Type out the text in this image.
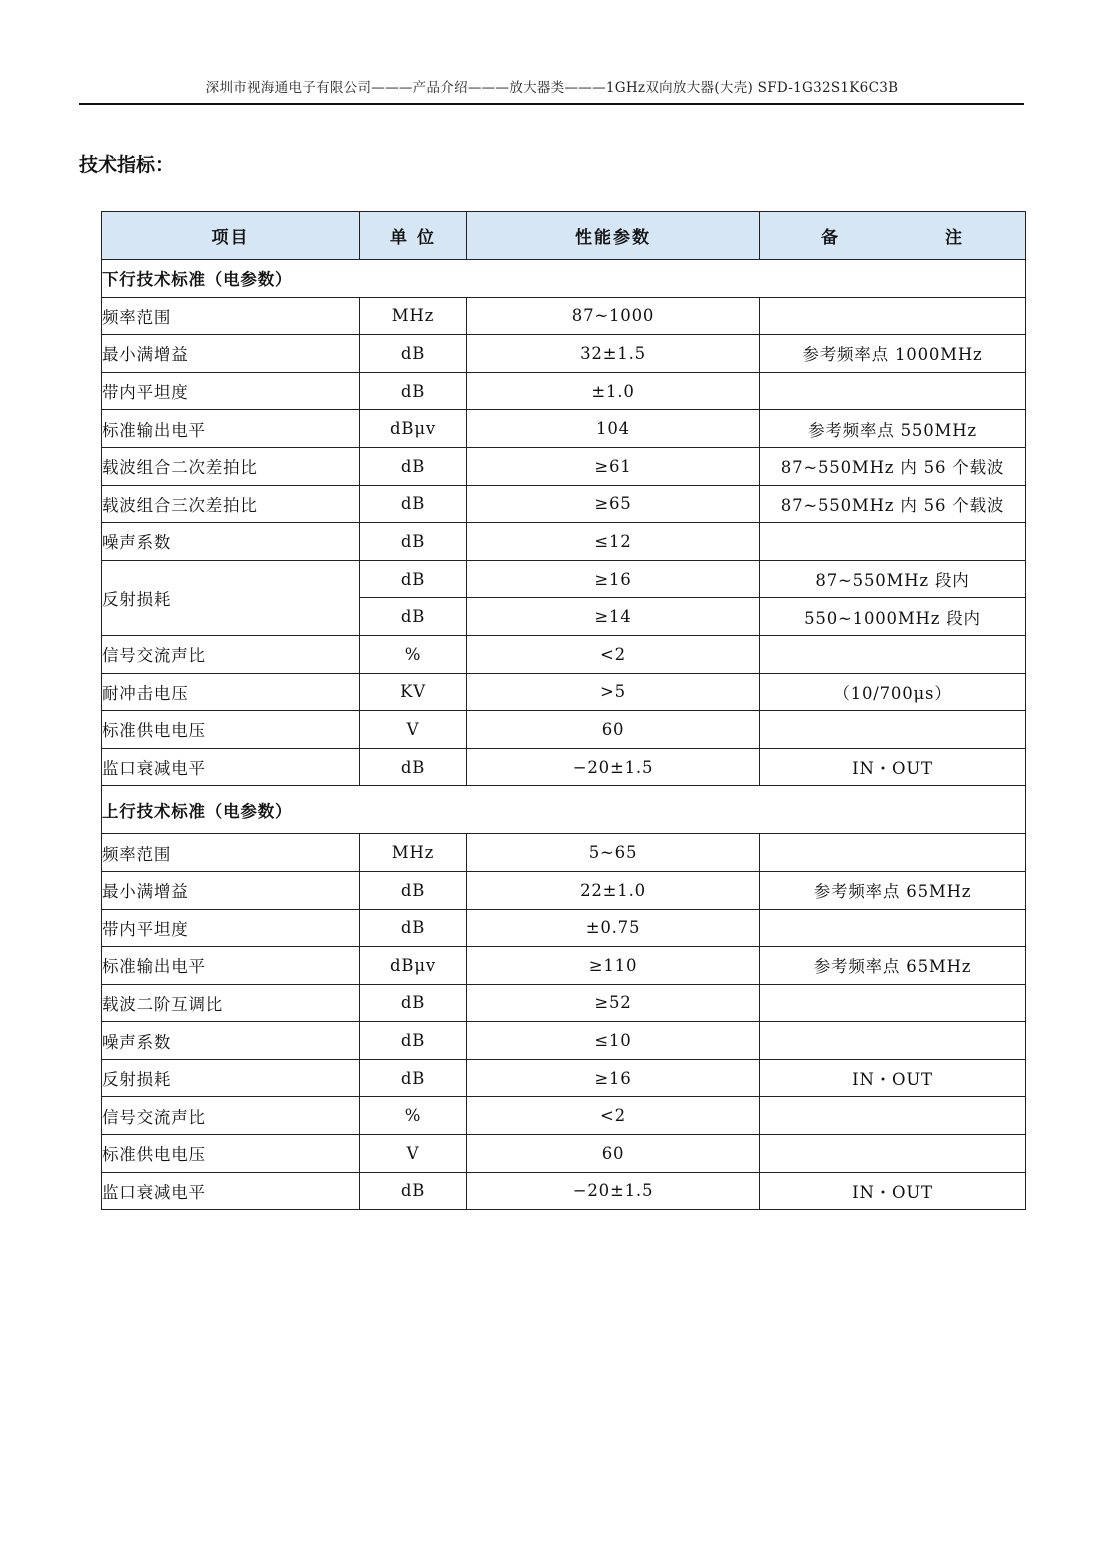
深圳市视海通电子有限公司———产品介绍———放大器类———1GHz双向放大器(大壳) SFD-1G32S1K6C3B
技术指标：
项目	单 位	性能参数	备 注
下行技术标准（电参数）			
频率范围	MHz	87~1000	
最小满增益	dB	32±1.5	参考频率点 1000MHz
带内平坦度	dB	±1.0	
标准输出电平	dBμv	104	参考频率点 550MHz
载波组合二次差拍比	dB	≥61	87~550MHz 内 56 个载波
载波组合三次差拍比	dB	≥65	87~550MHz 内 56 个载波
噪声系数	dB	≤12	
反射损耗	dB	≥16	87~550MHz 段内
	dB	≥14	550~1000MHz 段内
信号交流声比	%	<2	
耐冲击电压	KV	>5	（10/700μs）
标准供电电压	V	60	
监口衰减电平	dB	−20±1.5	IN・OUT
上行技术标准（电参数）			
频率范围	MHz	5~65	
最小满增益	dB	22±1.0	参考频率点 65MHz
带内平坦度	dB	±0.75	
标准输出电平	dBμv	≥110	参考频率点 65MHz
载波二阶互调比	dB	≥52	
噪声系数	dB	≤10	
反射损耗	dB	≥16	IN・OUT
信号交流声比	%	<2	
标准供电电压	V	60	
监口衰减电平	dB	−20±1.5	IN・OUT
